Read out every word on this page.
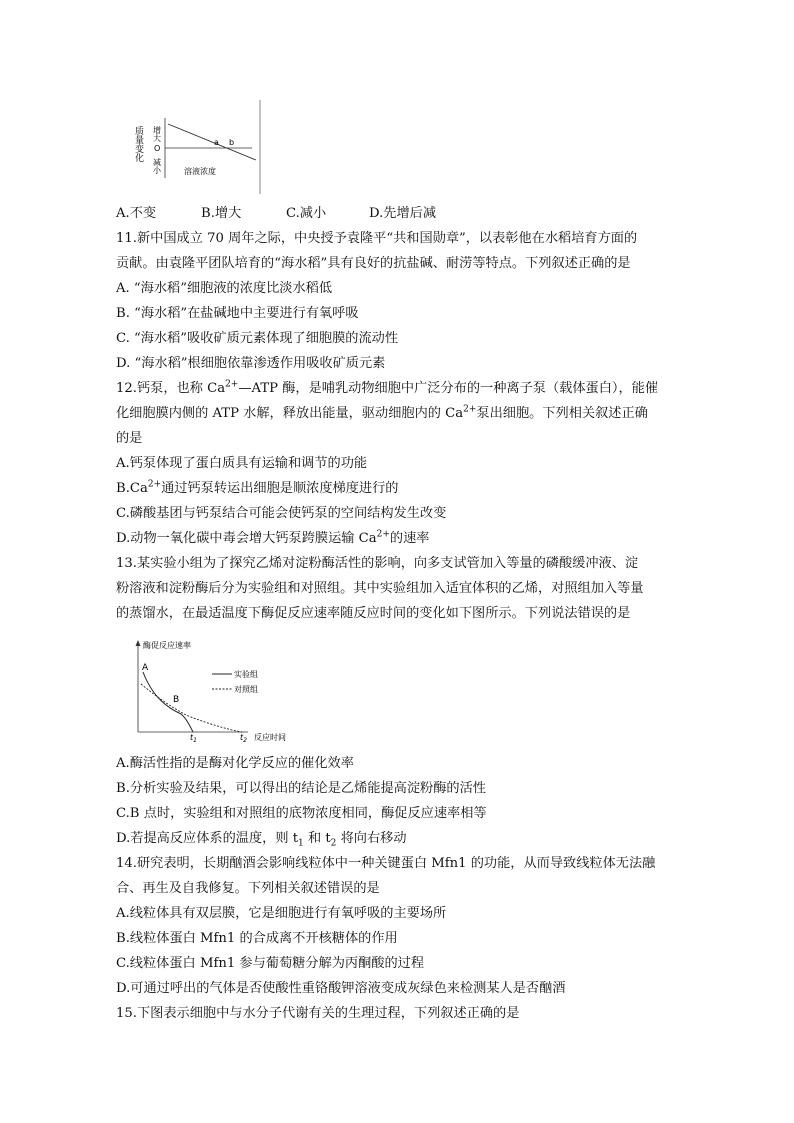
质量变化 增大
O
减小
a b
溶液浓度
A.不变	B.增大	C.减小	D.先增后减
11.新中国成立 70 周年之际，中央授予袁隆平“共和国勋章”，以表彰他在水稻培育方面的
贡献。由袁隆平团队培育的“海水稻”具有良好的抗盐碱、耐涝等特点。下列叙述正确的是
A. “海水稻”细胞液的浓度比淡水稻低
B. “海水稻”在盐碱地中主要进行有氧呼吸
C. “海水稻”吸收矿质元素体现了细胞膜的流动性
D. “海水稻”根细胞依靠渗透作用吸收矿质元素
12.钙泵，也称 $Ca^{2+}—ATP$ 酶，是哺乳动物细胞中广泛分布的一种离子泵（载体蛋白），能催
化细胞膜内侧的 ATP 水解，释放出能量，驱动细胞内的 $Ca^{2+}$泵出细胞。下列相关叙述正确
的是
A.钙泵体现了蛋白质具有运输和调节的功能
$B.Ca^{2+}$通过钙泵转运出细胞是顺浓度梯度进行的
C.磷酸基团与钙泵结合可能会使钙泵的空间结构发生改变
D.动物一氧化碳中毒会增大钙泵跨膜运输 $Ca^{2+}$的速率
13.某实验小组为了探究乙烯对淀粉酶活性的影响，向多支试管加入等量的磷酸缓冲液、淀
粉溶液和淀粉酶后分为实验组和对照组。其中实验组加入适宜体积的乙烯，对照组加入等量
的蒸馏水，在最适温度下酶促反应速率随反应时间的变化如下图所示。下列说法错误的是
酶促反应速率
A
B
实验组
对照组
$t_1$	$t_2$ 反应时间
A.酶活性指的是酶对化学反应的催化效率
B.分析实验及结果，可以得出的结论是乙烯能提高淀粉酶的活性
C.B 点时，实验组和对照组的底物浓度相同，酶促反应速率相等
D.若提高反应体系的温度，则 $t_1$ 和 $t_2$ 将向右移动
14.研究表明，长期酗酒会影响线粒体中一种关键蛋白 Mfn1 的功能，从而导致线粒体无法融
合、再生及自我修复。下列相关叙述错误的是
A.线粒体具有双层膜，它是细胞进行有氧呼吸的主要场所
B.线粒体蛋白 Mfn1 的合成离不开核糖体的作用
C.线粒体蛋白 Mfn1 参与葡萄糖分解为丙酮酸的过程
D.可通过呼出的气体是否使酸性重铬酸钾溶液变成灰绿色来检测某人是否酗酒
15.下图表示细胞中与水分子代谢有关的生理过程，下列叙述正确的是
